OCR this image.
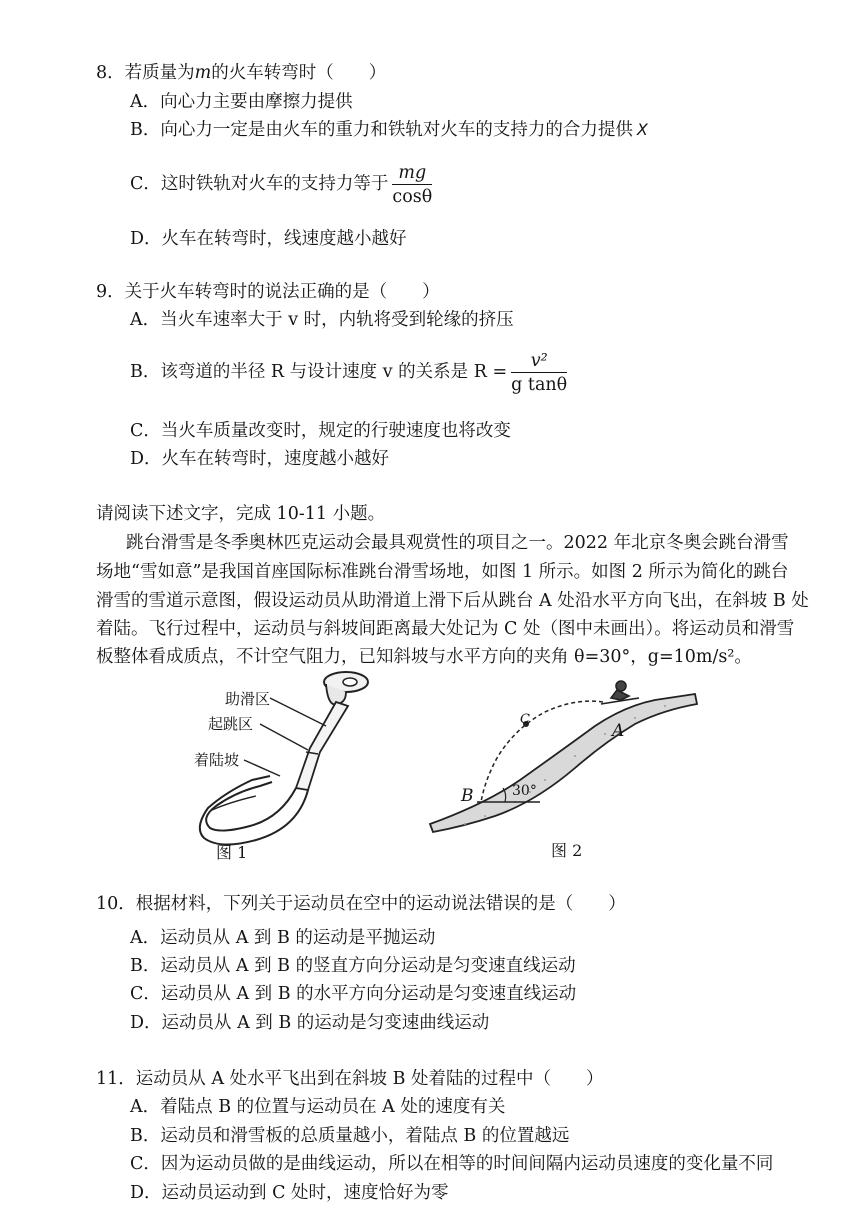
8．若质量为m的火车转弯时（　　）
A．向心力主要由摩擦力提供
B．向心力一定是由火车的重力和铁轨对火车的支持力的合力提供 X
C．这时铁轨对火车的支持力等于 $\frac{mg}{\cos\theta}$
D．火车在转弯时，线速度越小越好
9．关于火车转弯时的说法正确的是（　　）
A．当火车速率大于 v 时，内轨将受到轮缘的挤压
B．该弯道的半径 R 与设计速度 v 的关系是 $R = \frac{\text{v²}}{\text{g tanθ}}$
C．当火车质量改变时，规定的行驶速度也将改变
D．火车在转弯时，速度越小越好
请阅读下述文字，完成 10-11 小题。
跳台滑雪是冬季奥林匹克运动会最具观赏性的项目之一。2022 年北京冬奥会跳台滑雪
场地“雪如意”是我国首座国际标准跳台滑雪场地，如图 1 所示。如图 2 所示为简化的跳台
滑雪的雪道示意图，假设运动员从助滑道上滑下后从跳台 A 处沿水平方向飞出，在斜坡 B 处
着陆。飞行过程中，运动员与斜坡间距离最大处记为 C 处（图中未画出）。将运动员和滑雪
板整体看成质点，不计空气阻力，已知斜坡与水平方向的夹角 θ=30°，g=10m/s²。
助滑区
起跳区
着陆坡
图 1
A
B
C
30°
图 2
10．根据材料，下列关于运动员在空中的运动说法错误的是（　　）
A．运动员从 A 到 B 的运动是平抛运动
B．运动员从 A 到 B 的竖直方向分运动是匀变速直线运动
C．运动员从 A 到 B 的水平方向分运动是匀变速直线运动
D．运动员从 A 到 B 的运动是匀变速曲线运动
11．运动员从 A 处水平飞出到在斜坡 B 处着陆的过程中（　　）
A．着陆点 B 的位置与运动员在 A 处的速度有关
B．运动员和滑雪板的总质量越小，着陆点 B 的位置越远
C．因为运动员做的是曲线运动，所以在相等的时间间隔内运动员速度的变化量不同
D．运动员运动到 C 处时，速度恰好为零
